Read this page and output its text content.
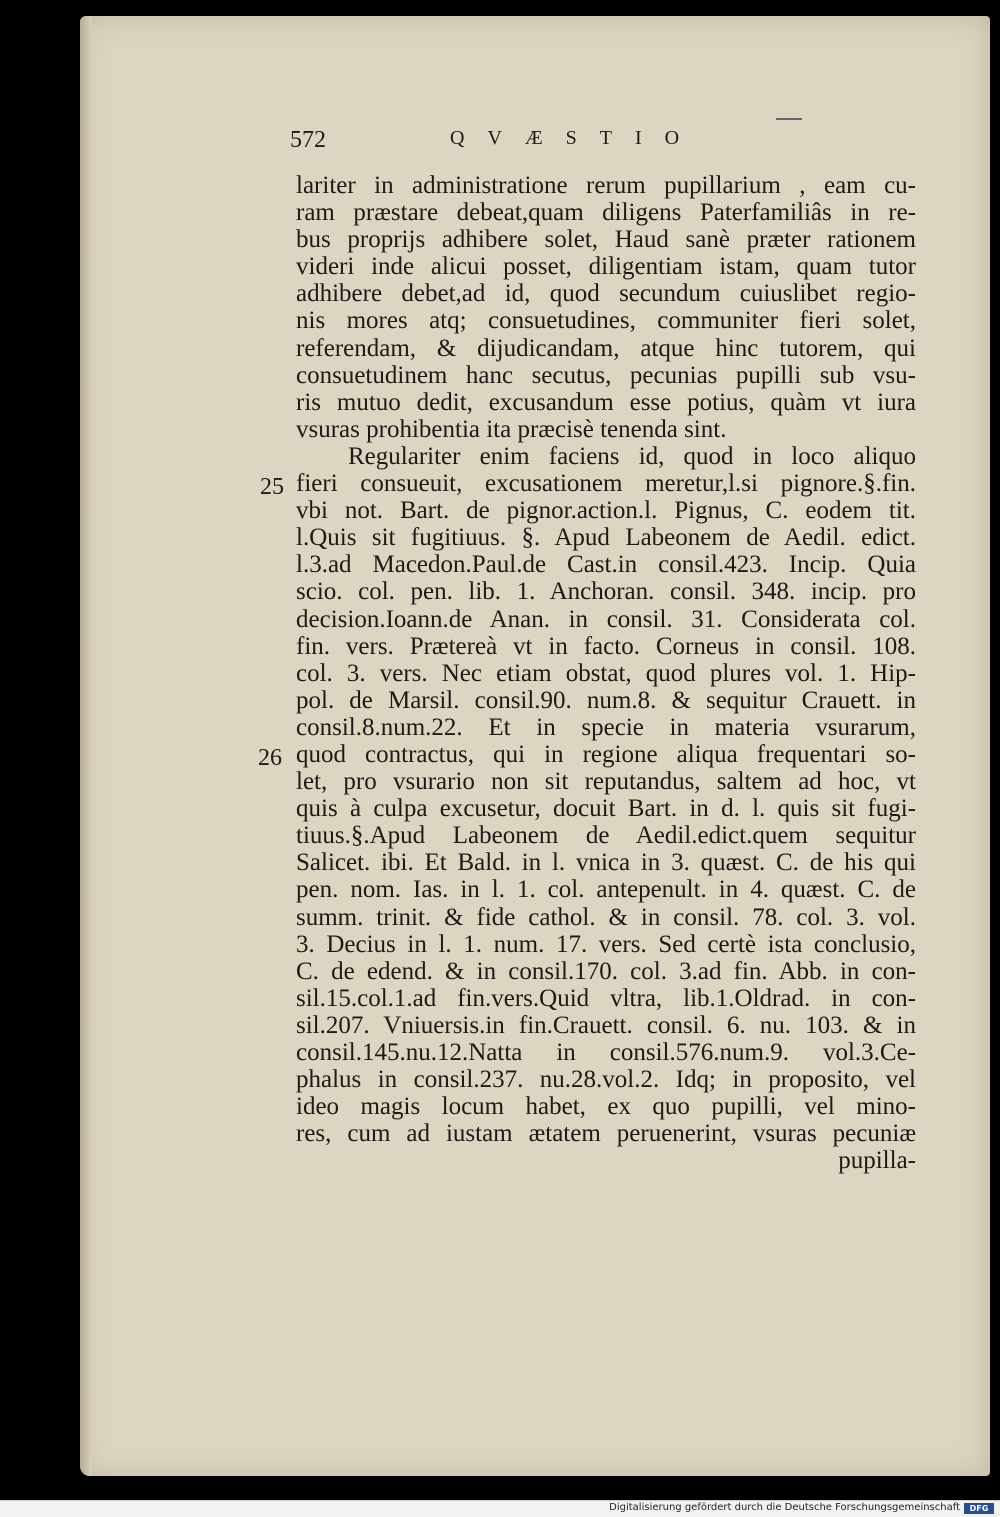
572	QVÆSTIO
25
26
lariter in administratione rerum pupillarium , eam cu-
ram præstare debeat,quam diligens Paterfamiliâs in re-
bus proprijs adhibere solet, Haud sanè præter rationem
videri inde alicui posset, diligentiam istam, quam tutor
adhibere debet,ad id, quod secundum cuiuslibet regio-
nis mores atq; consuetudines, communiter fieri solet,
referendam, & dijudicandam, atque hinc tutorem, qui
consuetudinem hanc secutus, pecunias pupilli sub vsu-
ris mutuo dedit, excusandum esse potius, quàm vt iura
vsuras prohibentia ita præcisè tenenda sint.
Regulariter enim faciens id, quod in loco aliquo
fieri consueuit, excusationem meretur,l.si pignore.§.fin.
vbi not. Bart. de pignor.action.l. Pignus, C. eodem tit.
l.Quis sit fugitiuus. §. Apud Labeonem de Aedil. edict.
l.3.ad Macedon.Paul.de Cast.in consil.423. Incip. Quia
scio. col. pen. lib. 1. Anchoran. consil. 348. incip. pro
decision.Ioann.de Anan. in consil. 31. Considerata col.
fin. vers. Prætereà vt in facto. Corneus in consil. 108.
col. 3. vers. Nec etiam obstat, quod plures vol. 1. Hip-
pol. de Marsil. consil.90. num.8. & sequitur Crauett. in
consil.8.num.22. Et in specie in materia vsurarum,
quod contractus, qui in regione aliqua frequentari so-
let, pro vsurario non sit reputandus, saltem ad hoc, vt
quis à culpa excusetur, docuit Bart. in d. l. quis sit fugi-
tiuus.§.Apud Labeonem de Aedil.edict.quem sequitur
Salicet. ibi. Et Bald. in l. vnica in 3. quæst. C. de his qui
pen. nom. Ias. in l. 1. col. antepenult. in 4. quæst. C. de
summ. trinit. & fide cathol. & in consil. 78. col. 3. vol.
3. Decius in l. 1. num. 17. vers. Sed certè ista conclusio,
C. de edend. & in consil.170. col. 3.ad fin. Abb. in con-
sil.15.col.1.ad fin.vers.Quid vltra, lib.1.Oldrad. in con-
sil.207. Vniuersis.in fin.Crauett. consil. 6. nu. 103. & in
consil.145.nu.12.Natta in consil.576.num.9. vol.3.Ce-
phalus in consil.237. nu.28.vol.2. Idq; in proposito, vel
ideo magis locum habet, ex quo pupilli, vel mino-
res, cum ad iustam ætatem peruenerint, vsuras pecuniæ
pupilla-
Digitalisierung gefördert durch die Deutsche Forschungsgemeinschaft	DFG
